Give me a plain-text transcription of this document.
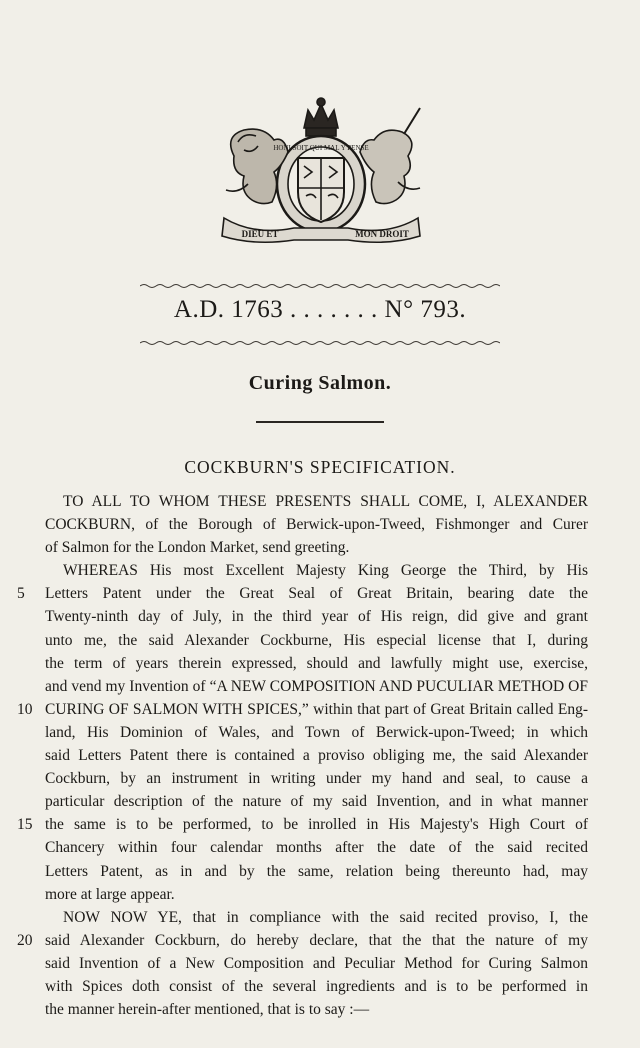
HONI SOIT QUI MAL Y PENSE
DIEU ET	MON DROIT
A.D. 1763 . . . . . . . N° 793.
Curing Salmon.
COCKBURN'S SPECIFICATION.
TO ALL TO WHOM THESE PRESENTS SHALL COME, I, ALEXANDER
COCKBURN, of the Borough of Berwick-upon-Tweed, Fishmonger and Curer
of Salmon for the London Market, send greeting.
WHEREAS His most Excellent Majesty King George the Third, by His
5	Letters Patent under the Great Seal of Great Britain, bearing date the
Twenty-ninth day of July, in the third year of His reign, did give and grant
unto me, the said Alexander Cockburne, His especial license that I, during
the term of years therein expressed, should and lawfully might use, exercise,
and vend my Invention of “A NEW COMPOSITION AND PUCULIAR METHOD OF
10 CURING OF SALMON WITH SPICES,” within that part of Great Britain called Eng-
land, His Dominion of Wales, and Town of Berwick-upon-Tweed; in which
said Letters Patent there is contained a proviso obliging me, the said Alexander
Cockburn, by an instrument in writing under my hand and seal, to cause a
particular description of the nature of my said Invention, and in what manner
15 the same is to be performed, to be inrolled in His Majesty's High Court of
Chancery within four calendar months after the date of the said recited
Letters Patent, as in and by the same, relation being thereunto had, may
more at large appear.
NOW NOW YE, that in compliance with the said recited proviso, I, the
20 said Alexander Cockburn, do hereby declare, that the that the nature of my
said Invention of a New Composition and Peculiar Method for Curing Salmon
with Spices doth consist of the several ingredients and is to be performed in
the manner herein-after mentioned, that is to say :—
